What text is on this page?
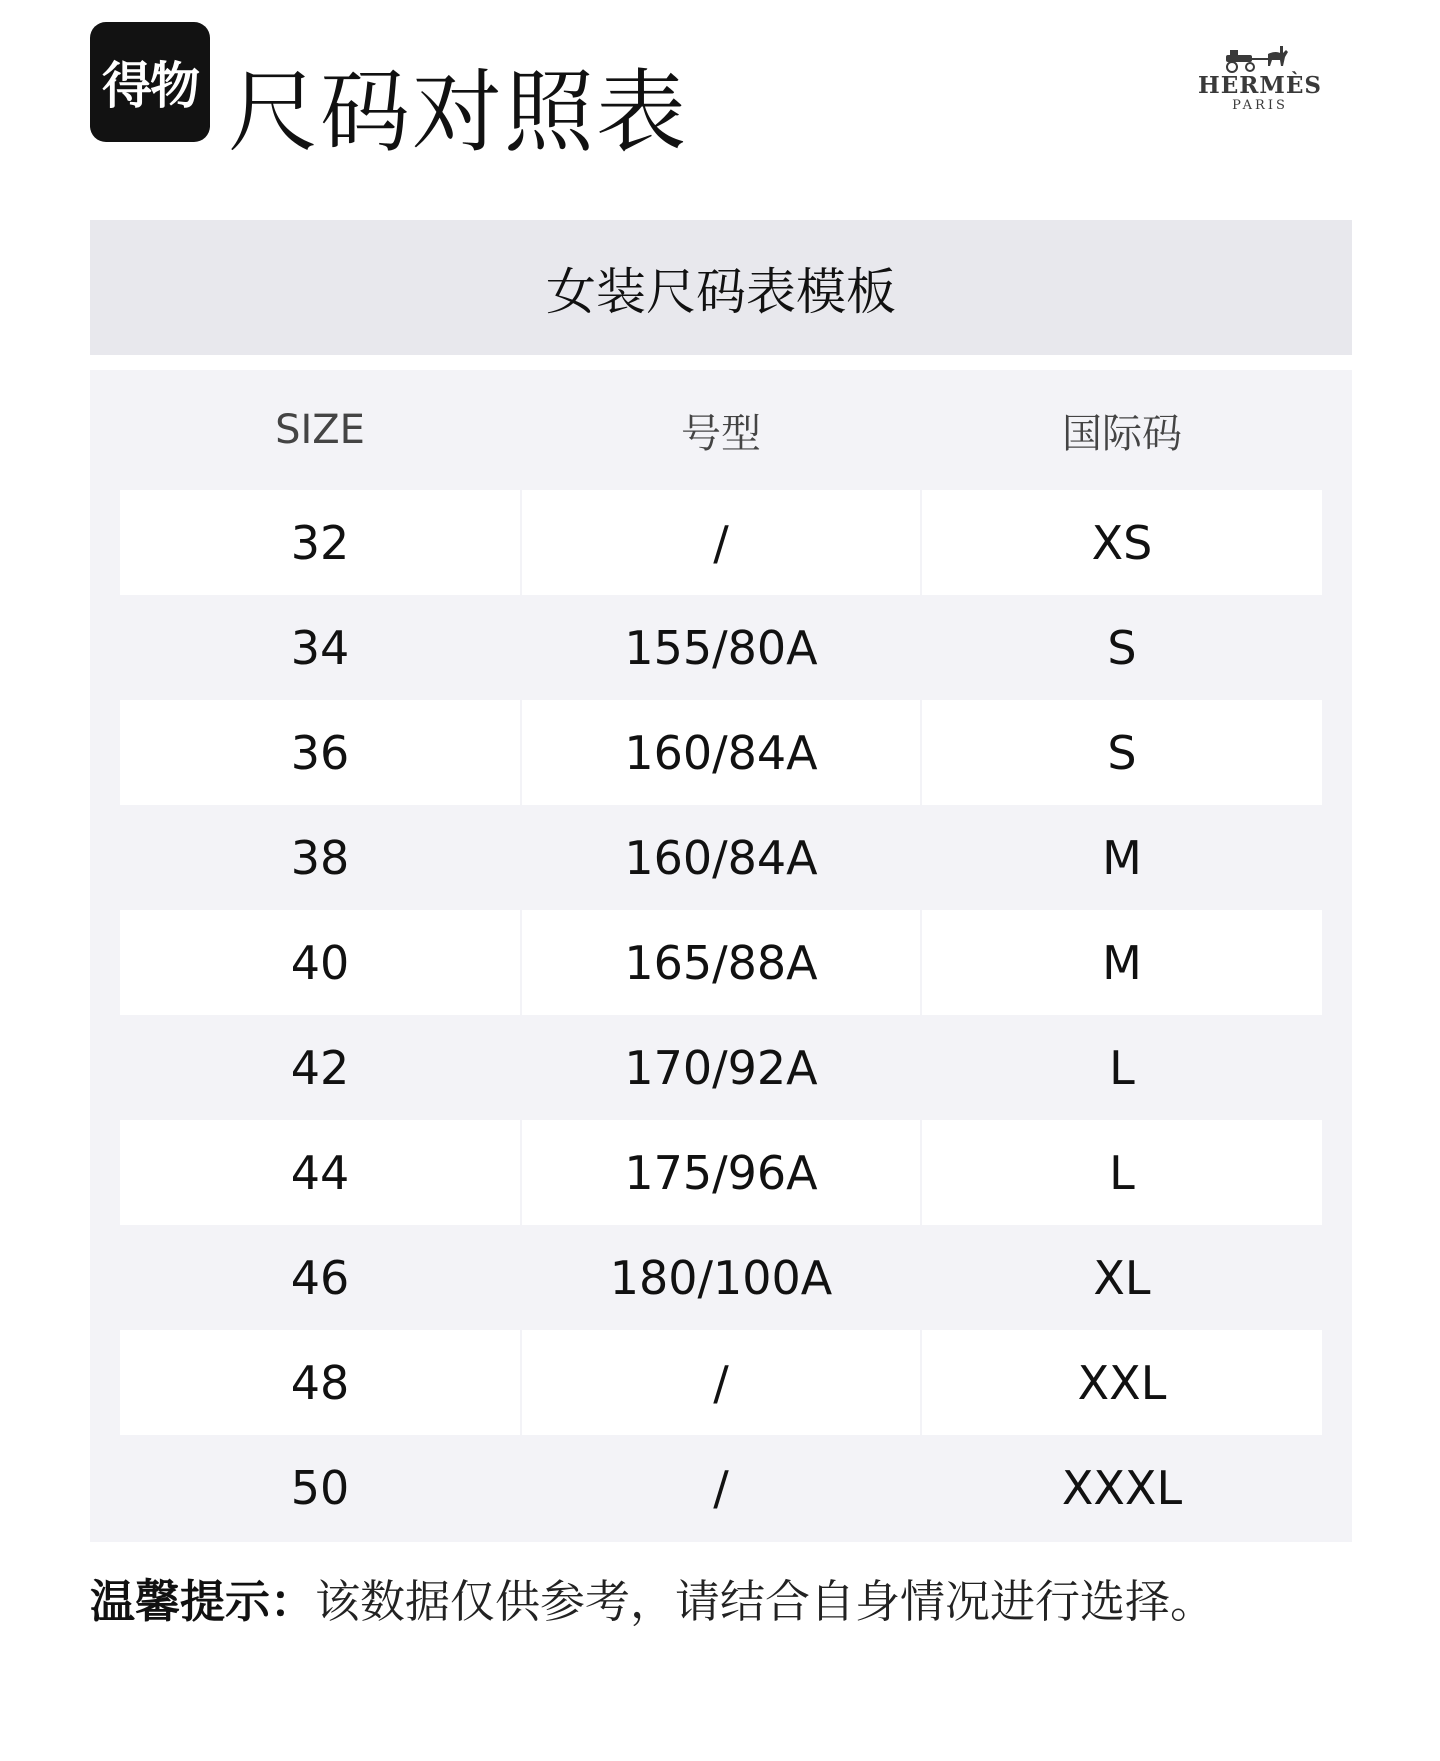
得物 尺码对照表	HERMÈS
PARIS
女装尺码表模板
SIZE	号型	国际码
32	/	XS
34	155/80A	S
36	160/84A	S
38	160/84A	M
40	165/88A	M
42	170/92A	L
44	175/96A	L
46	180/100A	XL
48	/	XXL
50	/	XXXL
温馨提示：该数据仅供参考，请结合自身情况进行选择。
